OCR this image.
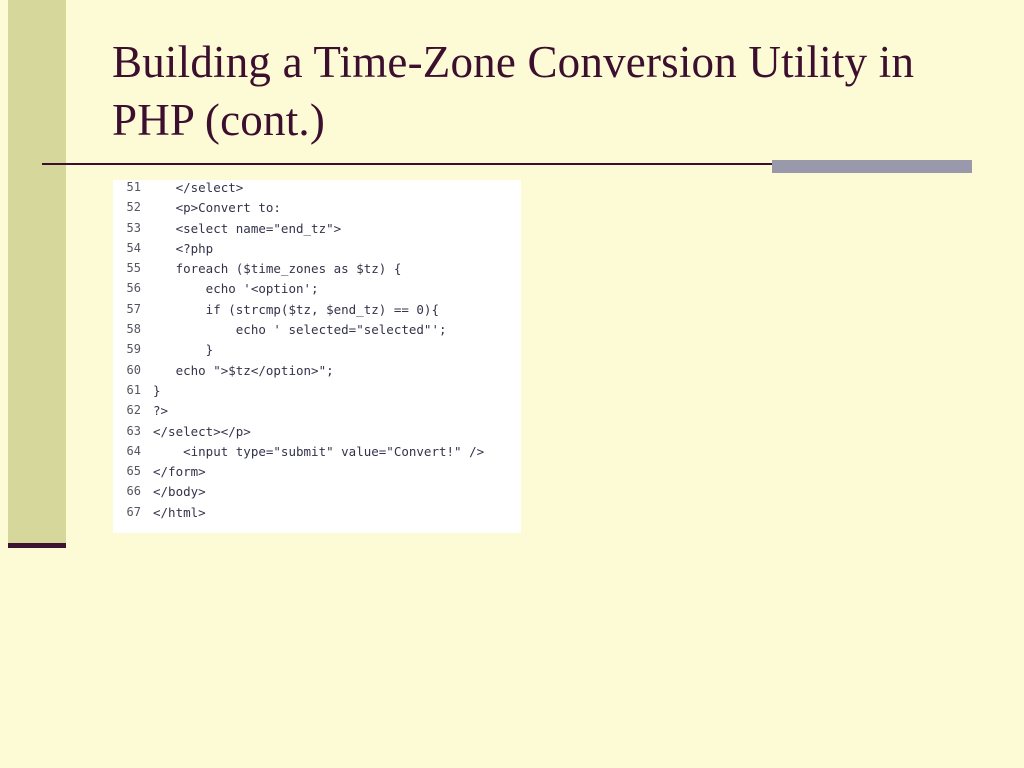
Building a Time-Zone Conversion Utility in PHP (cont.)
51 </select>
52 <p>Convert to:
53 <select name="end_tz">
54 <?php
55 foreach ($time_zones as $tz) {
56 echo '<option';
57 if (strcmp($tz, $end_tz) == 0){
58 echo ' selected="selected"';
59 }
60 echo ">$tz</option>";
61 }
62 ?>
63 </select></p>
64 <input type="submit" value="Convert!" />
65 </form>
66 </body>
67 </html>
